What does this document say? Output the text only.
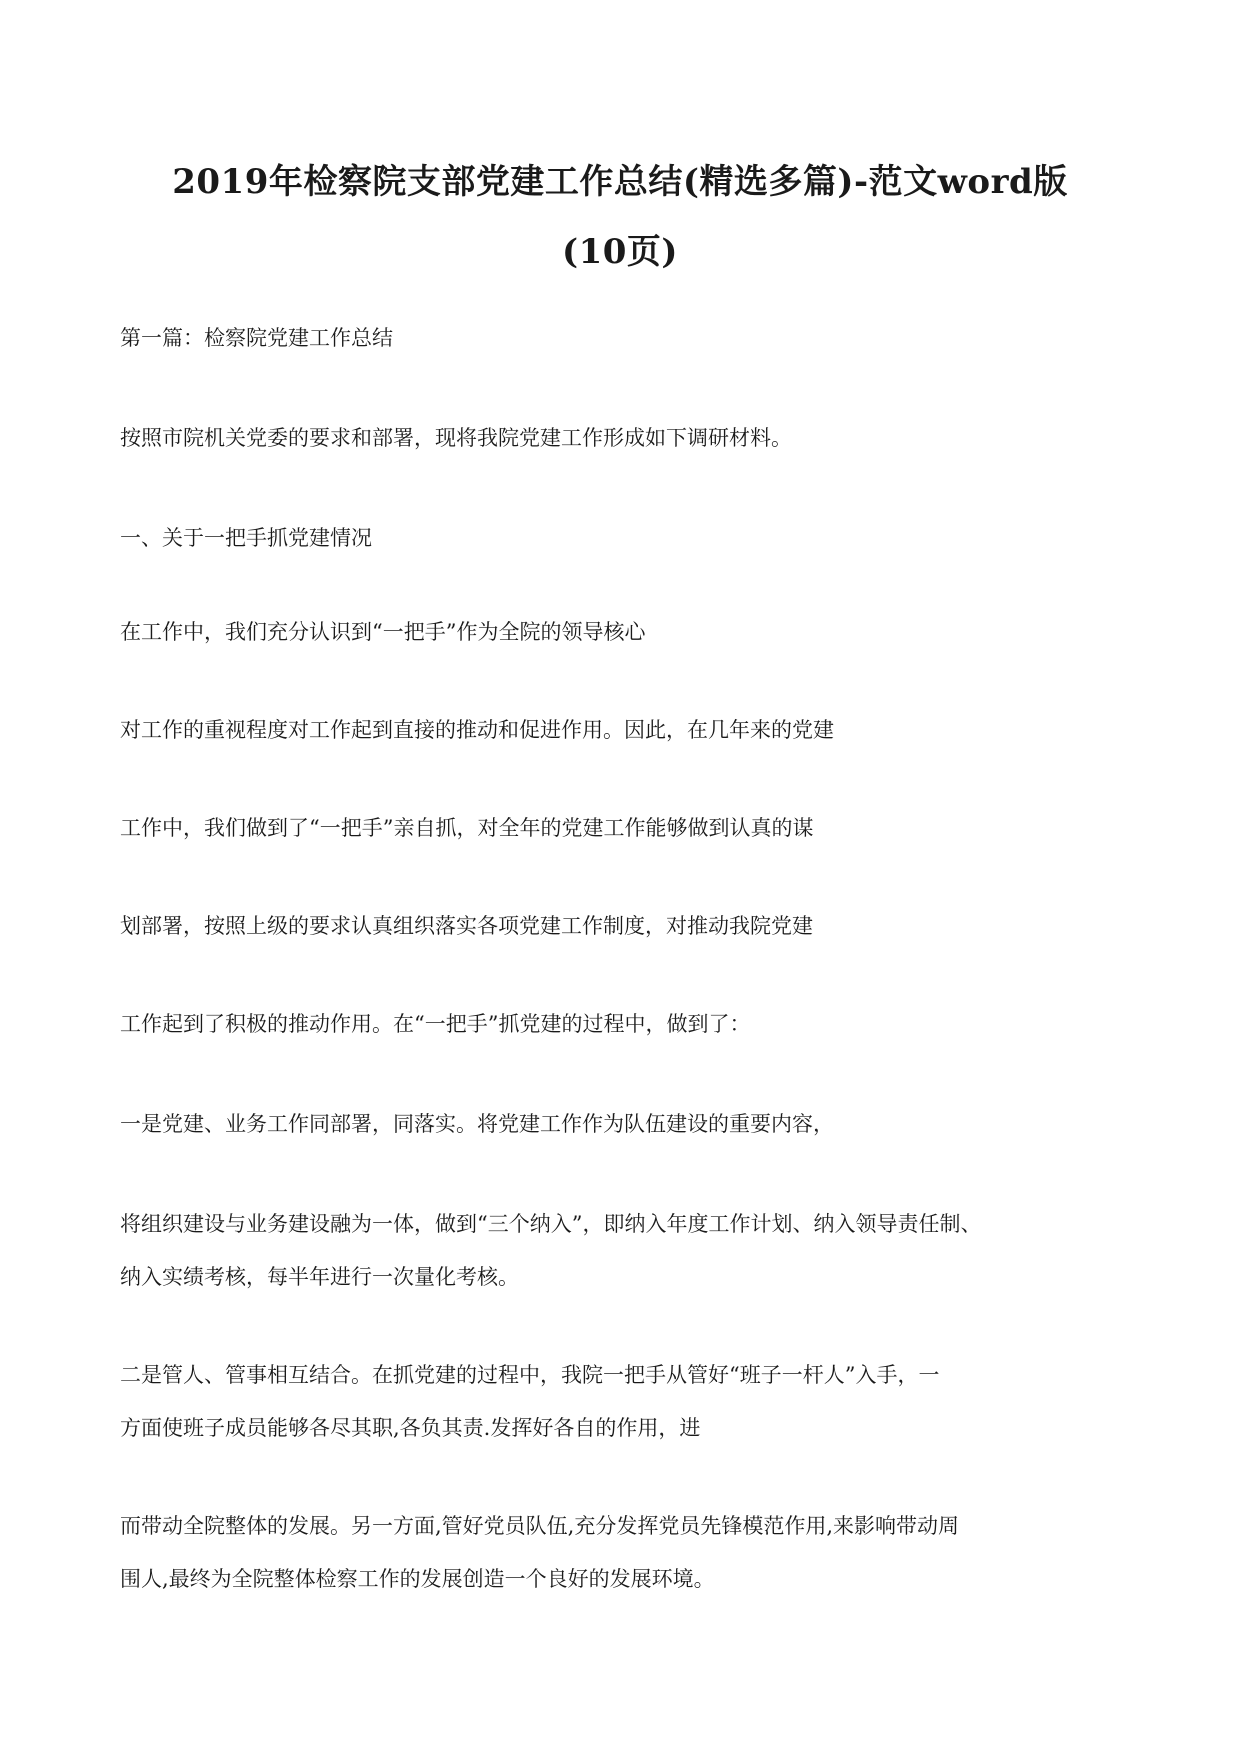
2019年检察院支部党建工作总结(精选多篇)-范文word版
(10页)
第一篇：检察院党建工作总结
按照市院机关党委的要求和部署，现将我院党建工作形成如下调研材料。
一、关于一把手抓党建情况
在工作中，我们充分认识到“一把手”作为全院的领导核心
对工作的重视程度对工作起到直接的推动和促进作用。因此，在几年来的党建
工作中，我们做到了“一把手”亲自抓，对全年的党建工作能够做到认真的谋
划部署，按照上级的要求认真组织落实各项党建工作制度，对推动我院党建
工作起到了积极的推动作用。在“一把手”抓党建的过程中，做到了：
一是党建、业务工作同部署，同落实。将党建工作作为队伍建设的重要内容，
将组织建设与业务建设融为一体，做到“三个纳入”，即纳入年度工作计划、纳入领导责任制、
纳入实绩考核，每半年进行一次量化考核。
二是管人、管事相互结合。在抓党建的过程中，我院一把手从管好“班子一杆人”入手，一
方面使班子成员能够各尽其职,各负其责.发挥好各自的作用，进
而带动全院整体的发展。另一方面,管好党员队伍,充分发挥党员先锋模范作用,来影响带动周
围人,最终为全院整体检察工作的发展创造一个良好的发展环境。
